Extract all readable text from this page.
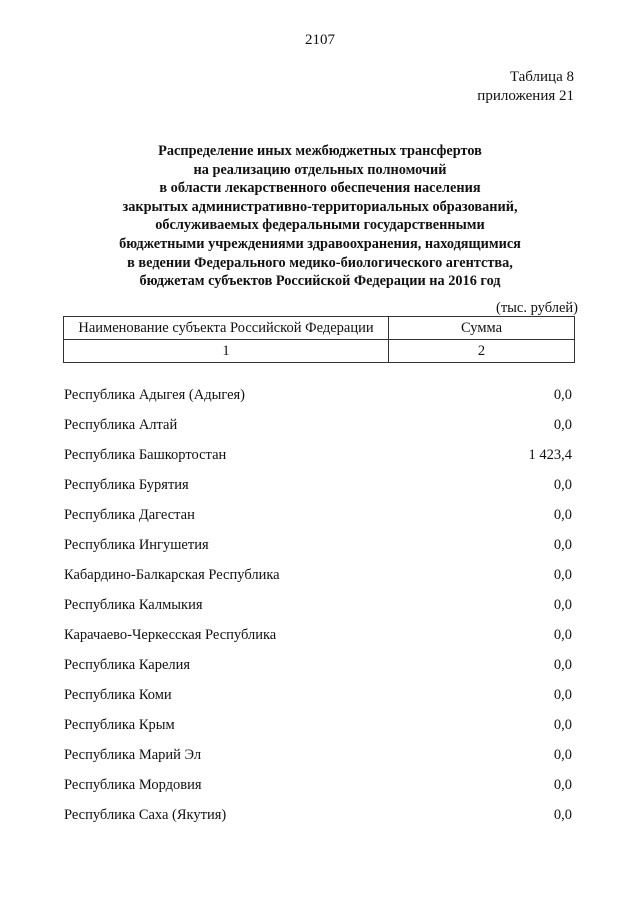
2107
Таблица 8
приложения 21
Распределение иных межбюджетных трансфертов
на реализацию отдельных полномочий
в области лекарственного обеспечения населения
закрытых административно-территориальных образований,
обслуживаемых федеральными государственными
бюджетными учреждениями здравоохранения, находящимися
в ведении Федерального медико-биологического агентства,
бюджетам субъектов Российской Федерации на 2016 год
(тыс. рублей)
Наименование субъекта Российской Федерации	Сумма
1	2
Республика Адыгея (Адыгея)	0,0
Республика Алтай	0,0
Республика Башкортостан	1 423,4
Республика Бурятия	0,0
Республика Дагестан	0,0
Республика Ингушетия	0,0
Кабардино-Балкарская Республика	0,0
Республика Калмыкия	0,0
Карачаево-Черкесская Республика	0,0
Республика Карелия	0,0
Республика Коми	0,0
Республика Крым	0,0
Республика Марий Эл	0,0
Республика Мордовия	0,0
Республика Саха (Якутия)	0,0
